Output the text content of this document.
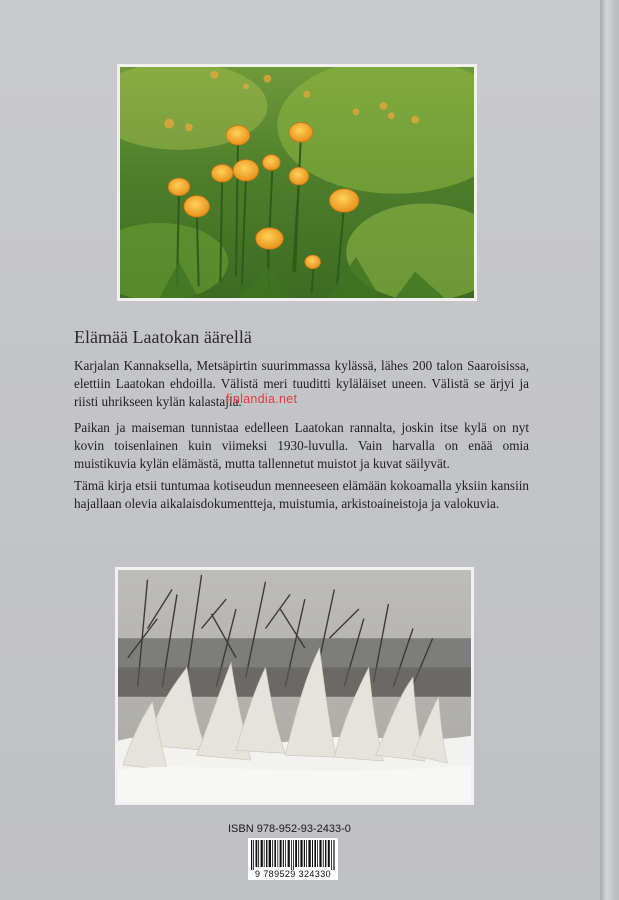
Elämää Laatokan äärellä

Karjalan Kannaksella, Metsäpirtin suurimmassa kylässä, lähes 200 talon Saaroisissa, elettiin Laatokan ehdoilla. Välistä meri tuuditti kyläläiset uneen. Välistä se ärjyi ja riisti uhrikseen kylän kalastajia.

Paikan ja maiseman tunnistaa edelleen Laatokan rannalta, joskin itse kylä on nyt kovin toisenlainen kuin viimeksi 1930-luvulla. Vain harvalla on enää omia muistikuvia kylän elämästä, mutta tallennetut muistot ja kuvat säilyvät.

Tämä kirja etsii tuntumaa kotiseudun menneeseen elämään kokoamalla yksiin kansiin hajallaan olevia aikalaisdokumentteja, muistumia, arkistoaineistoja ja valokuvia.

finlandia.net
ISBN 978-952-93-2433-0
9 789529 324330
